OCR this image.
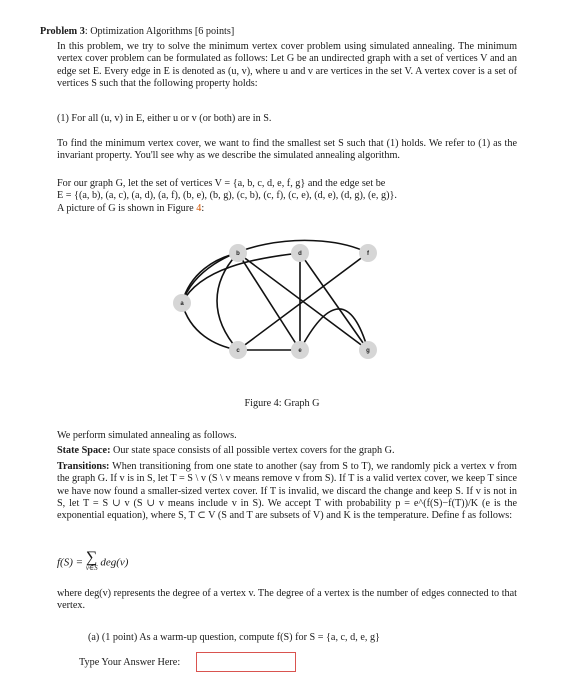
Problem 3: Optimization Algorithms [6 points]

In this problem, we try to solve the minimum vertex cover problem using simulated annealing. The minimum vertex cover problem can be formulated as follows: Let G be an undirected graph with a set of vertices V and an edge set E. Every edge in E is denoted as (u, v), where u and v are vertices in the set V. A vertex cover is a set of vertices S such that the following property holds:

(1) For all (u, v) in E, either u or v (or both) are in S.

To find the minimum vertex cover, we want to find the smallest set S such that (1) holds. We refer to (1) as the invariant property. You'll see why as we describe the simulated annealing algorithm.

For our graph G, let the set of vertices V = {a, b, c, d, e, f, g} and the edge set be

E = {(a, b), (a, c), (a, d), (a, f), (b, e), (b, g), (c, b), (c, f), (c, e), (d, e), (d, g), (e, g)}.

A picture of G is shown in Figure 4:

a
b
c
d
e
f
g
Figure 4: Graph G

We perform simulated annealing as follows.

State Space: Our state space consists of all possible vertex covers for the graph G.

Transitions: When transitioning from one state to another (say from S to T), we randomly pick a vertex v from the graph G. If v is in S, let T = S \ v (S \ v means remove v from S). If T is a valid vertex cover, we keep T since we have now found a smaller-sized vertex cover. If T is invalid, we discard the change and keep S. If v is not in S, let T = S ∪ v (S ∪ v means include v in S). We accept T with probability p = e^(f(S)−f(T))/K (e is the exponential equation), where S, T ⊂ V (S and T are subsets of V) and K is the temperature. Define f as follows:

f(S) = ∑
v∈S deg(v)

where deg(v) represents the degree of a vertex v. The degree of a vertex is the number of edges connected to that vertex.

(a) (1 point) As a warm-up question, compute f(S) for S = {a, c, d, e, g}

Type Your Answer Here:
